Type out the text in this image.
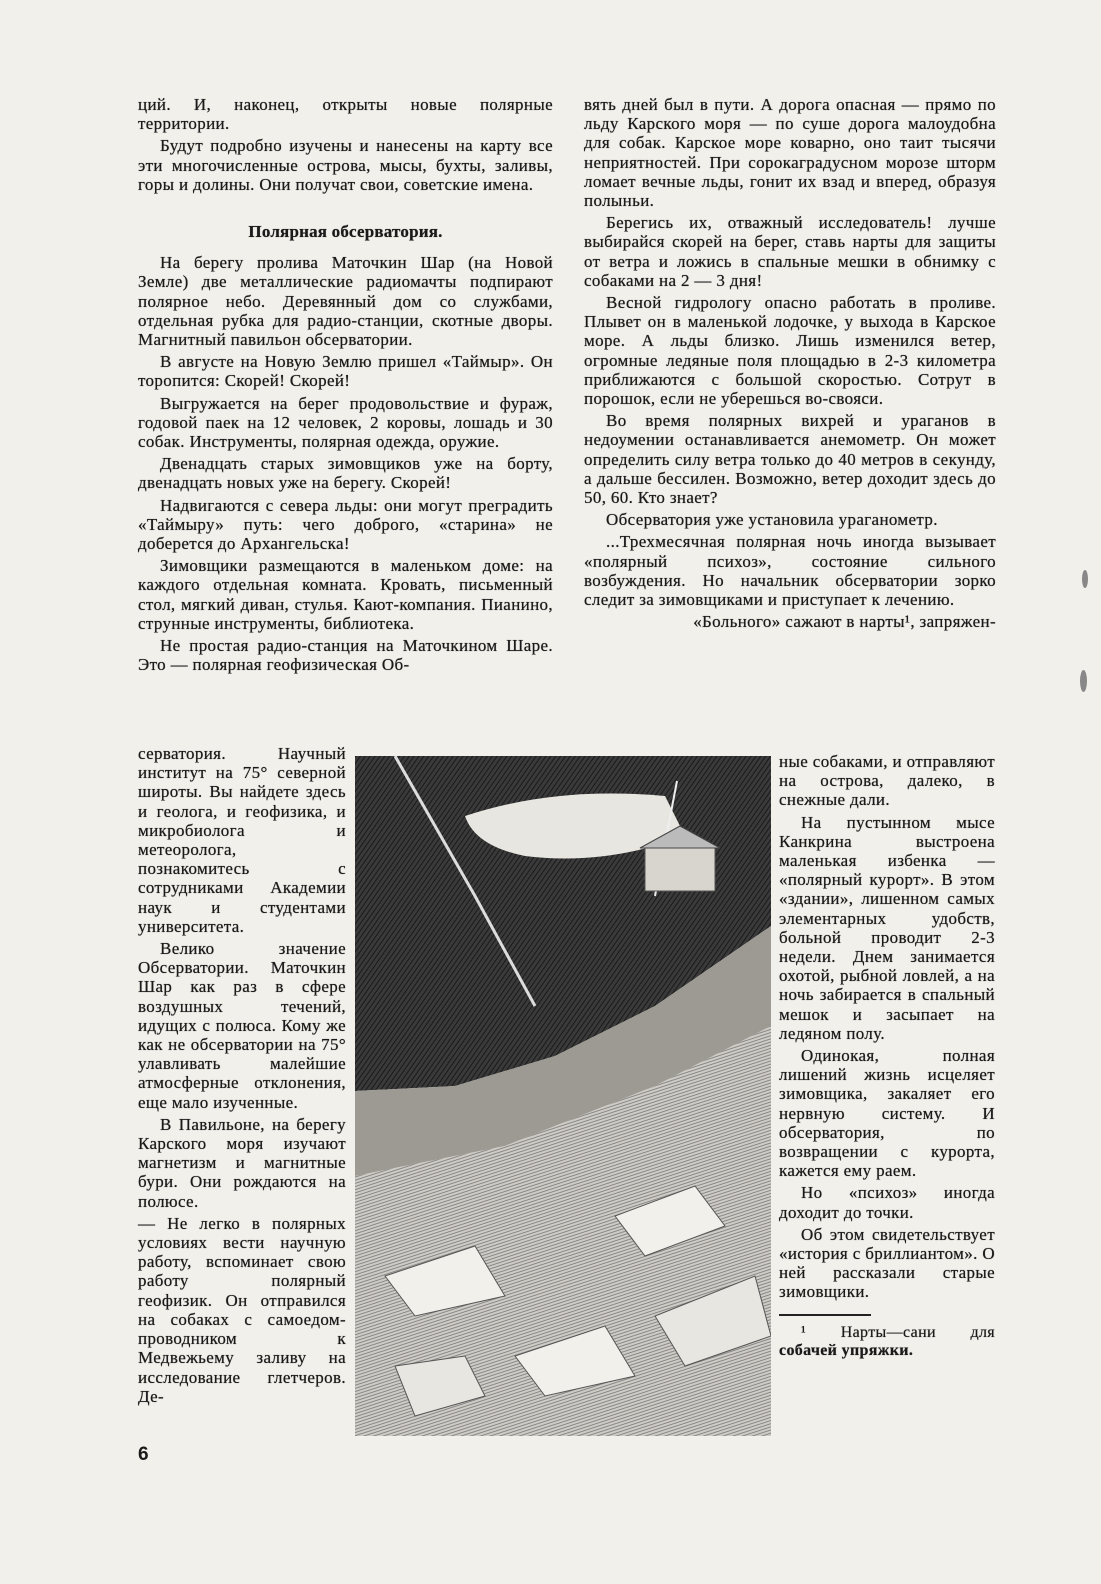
ций. И, наконец, открыты новые полярные территории.

Будут подробно изучены и нанесены на карту все эти многочисленные острова, мысы, бухты, заливы, горы и долины. Они получат свои, советские имена.

Полярная обсерватория.

На берегу пролива Маточкин Шар (на Новой Земле) две металлические радиомачты подпирают полярное небо. Деревянный дом со службами, отдельная рубка для радио-станции, скотные дворы. Магнитный павильон обсерватории.

В августе на Новую Землю пришел «Таймыр». Он торопится: Скорей! Скорей!

Выгружается на берег продовольствие и фураж, годовой паек на 12 человек, 2 коровы, лошадь и 30 собак. Инструменты, полярная одежда, оружие.

Двенадцать старых зимовщиков уже на борту, двенадцать новых уже на берегу. Скорей!

Надвигаются с севера льды: они могут преградить «Таймыру» путь: чего доброго, «старина» не доберется до Архангельска!

Зимовщики размещаются в маленьком доме: на каждого отдельная комната. Кровать, письменный стол, мягкий диван, стулья. Кают-компания. Пианино, струнные инструменты, библиотека.

Не простая радио-станция на Маточкином Шаре. Это — полярная геофизическая Об-

серватория. Научный институт на 75° северной широты. Вы найдете здесь и геолога, и геофизика, и микробиолога и метеоролога, познакомитесь с сотрудниками Академии наук и студентами университета.

Велико значение Обсерватории. Маточкин Шар как раз в сфере воздушных течений, идущих с полюса. Кому же как не обсерватории на 75° улавливать малейшие атмосферные отклонения, еще мало изученные.

В Павильоне, на берегу Карского моря изучают магнетизм и магнитные бури. Они рождаются на полюсе.

— Не легко в полярных условиях вести научную работу, вспоминает свою работу полярный геофизик. Он отправился на собаках с самоедом-проводником к Медвежьему заливу на исследование глетчеров. Де-

вять дней был в пути. А дорога опасная — прямо по льду Карского моря — по суше дорога малоудобна для собак. Карское море коварно, оно таит тысячи неприятностей. При сорокаградусном морозе шторм ломает вечные льды, гонит их взад и вперед, образуя полыньи.

Берегись их, отважный исследователь! лучше выбирайся скорей на берег, ставь нарты для защиты от ветра и ложись в спальные мешки в обнимку с собаками на 2 — 3 дня!

Весной гидрологу опасно работать в проливе. Плывет он в маленькой лодочке, у выхода в Карское море. А льды близко. Лишь изменился ветер, огромные ледяные поля площадью в 2-3 километра приближаются с большой скоростью. Сотрут в порошок, если не уберешься во-свояси.

Во время полярных вихрей и ураганов в недоумении останавливается анемометр. Он может определить силу ветра только до 40 метров в секунду, а дальше бессилен. Возможно, ветер доходит здесь до 50, 60. Кто знает?

Обсерватория уже установила ураганометр.

...Трехмесячная полярная ночь иногда вызывает «полярный психоз», состояние сильного возбуждения. Но начальник обсерватории зорко следит за зимовщиками и приступает к лечению.

«Больного» сажают в нарты¹, запряжен-

ные собаками, и отправляют на острова, далеко, в снежные дали.

На пустынном мысе Канкрина выстроена маленькая избенка — «полярный курорт». В этом «здании», лишенном самых элементарных удобств, больной проводит 2-3 недели. Днем занимается охотой, рыбной ловлей, а на ночь забирается в спальный мешок и засыпает на ледяном полу.

Одинокая, полная лишений жизнь исцеляет зимовщика, закаляет его нервную систему. И обсерватория, по возвращении с курорта, кажется ему раем.

Но «психоз» иногда доходит до точки.

Об этом свидетельствует «история с бриллиантом». О ней рассказали старые зимовщики.

¹ Нарты—сани для собачей упряжки.

6
